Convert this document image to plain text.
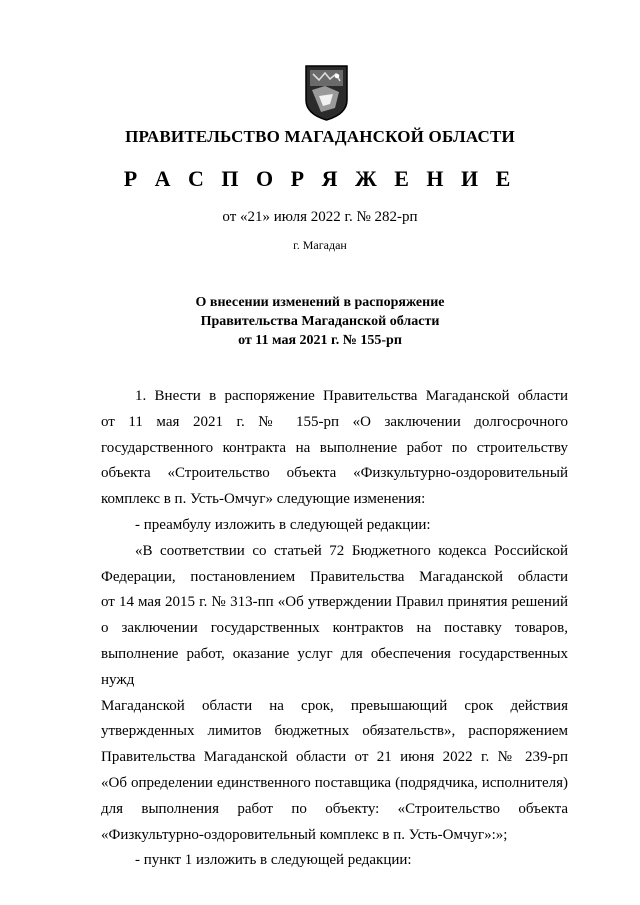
ПРАВИТЕЛЬСТВО МАГАДАНСКОЙ ОБЛАСТИ
Р А С П О Р Я Ж Е Н И Е
от «21» июля 2022 г. № 282-рп
г. Магадан
О внесении изменений в распоряжение
Правительства Магаданской области
от 11 мая 2021 г. № 155-рп

1. Внести в распоряжение Правительства Магаданской области
от 11 мая 2021 г. № 155-рп «О заключении долгосрочного
государственного контракта на выполнение работ по строительству
объекта «Строительство объекта «Физкультурно-оздоровительный
комплекс в п. Усть-Омчуг» следующие изменения:

- преамбулу изложить в следующей редакции:

«В соответствии со статьей 72 Бюджетного кодекса Российской
Федерации, постановлением Правительства Магаданской области
от 14 мая 2015 г. № 313-пп «Об утверждении Правил принятия решений
о заключении государственных контрактов на поставку товаров,
выполнение работ, оказание услуг для обеспечения государственных нужд
Магаданской области на срок, превышающий срок действия
утвержденных лимитов бюджетных обязательств», распоряжением
Правительства Магаданской области от 21 июня 2022 г. № 239-рп
«Об определении единственного поставщика (подрядчика, исполнителя)
для выполнения работ по объекту: «Строительство объекта
«Физкультурно-оздоровительный комплекс в п. Усть-Омчуг»:»;

- пункт 1 изложить в следующей редакции:
